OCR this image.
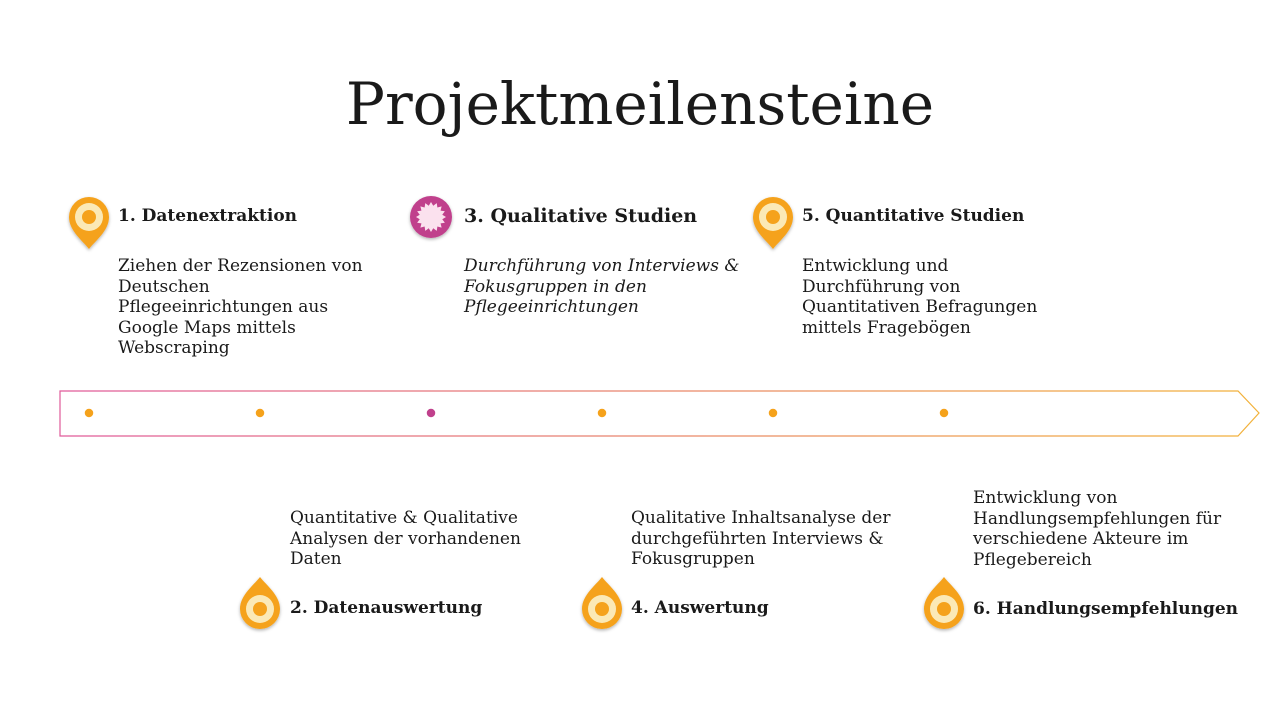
Projektmeilensteine
1. Datenextraktion
Ziehen der Rezensionen von Deutschen Pflegeeinrichtungen aus Google Maps mittels Webscraping
2. Datenauswertung
Quantitative & Qualitative Analysen der vorhandenen Daten
3. Qualitative Studien
Durchführung von Interviews & Fokusgruppen in den Pflegeeinrichtungen
4. Auswertung
Qualitative Inhaltsanalyse der durchgeführten Interviews & Fokusgruppen
5. Quantitative Studien
Entwicklung und Durchführung von Quantitativen Befragungen mittels Fragebögen
6. Handlungsempfehlungen
Entwicklung von Handlungsempfehlungen für verschiedene Akteure im Pflegebereich
